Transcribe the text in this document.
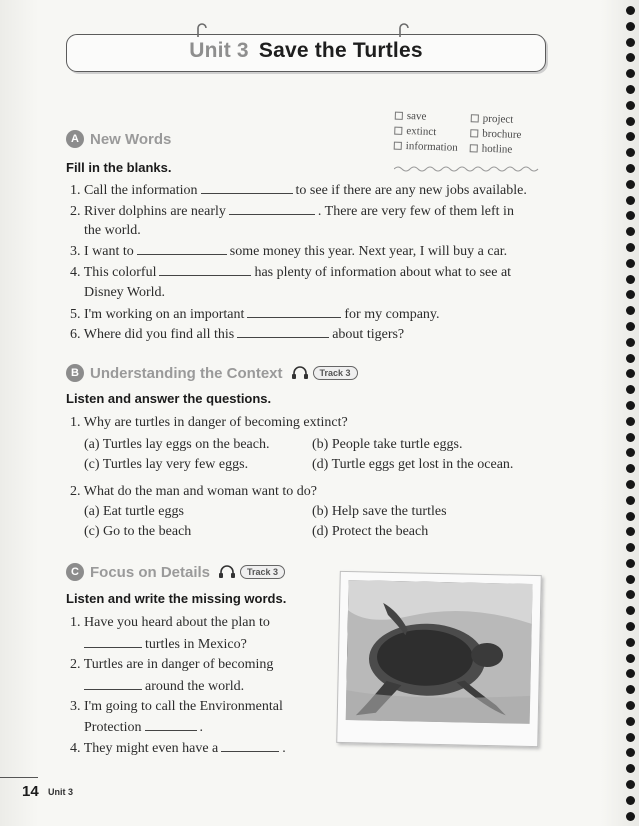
Unit 3 Save the Turtles
save	project
extinct	brochure
information	hotline
A New Words
Fill in the blanks.
1. Call the information	to see if there are any new jobs available.
2. River dolphins are nearly	. There are very few of them left in
the world.
3. I want to	some money this year. Next year, I will buy a car.
4. This colorful	has plenty of information about what to see at
Disney World.
5. I'm working on an important	for my company.
6. Where did you find all this	about tigers?
B Understanding the Context	Track 3
Listen and answer the questions.
1. Why are turtles in danger of becoming extinct?
(a) Turtles lay eggs on the beach.	(b) People take turtle eggs.
(c) Turtles lay very few eggs.	(d) Turtle eggs get lost in the ocean.
2. What do the man and woman want to do?
(a) Eat turtle eggs	(b) Help save the turtles
(c) Go to the beach	(d) Protect the beach
C Focus on Details	Track 3
Listen and write the missing words.
1. Have you heard about the plan to
turtles in Mexico?
2. Turtles are in danger of becoming
around the world.
3. I'm going to call the Environmental
Protection	.
4. They might even have a	.
14 Unit 3
